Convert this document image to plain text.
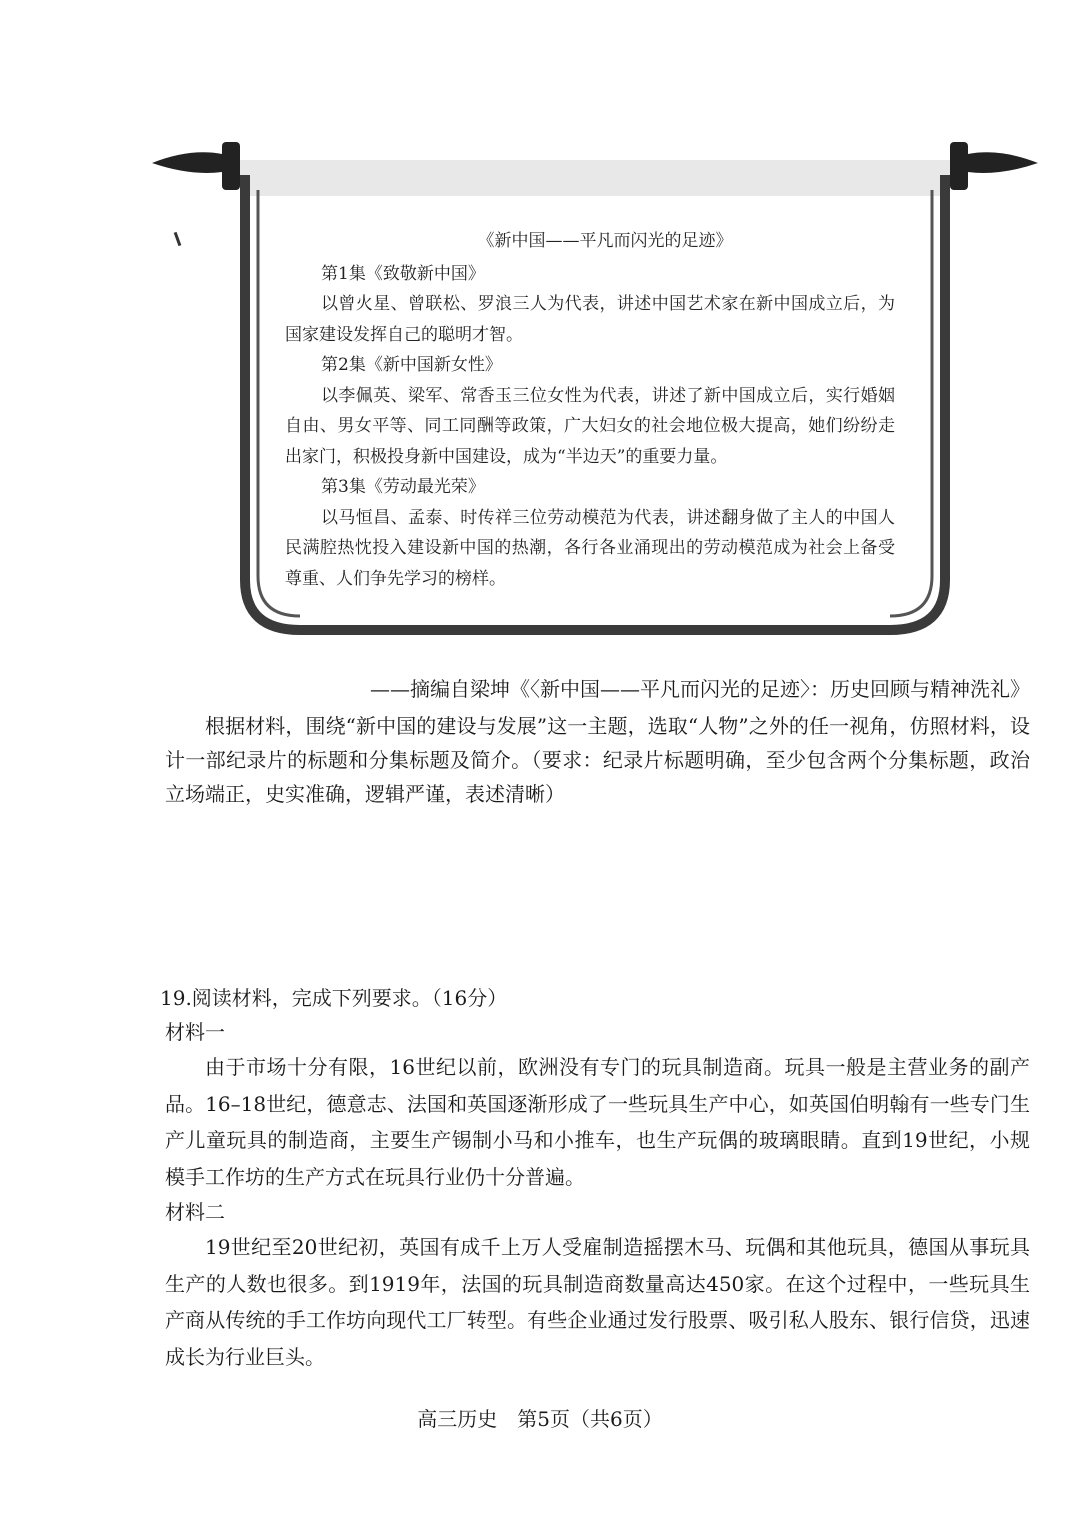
《新中国——平凡而闪光的足迹》
第1集《致敬新中国》
以曾火星、曾联松、罗浪三人为代表，讲述中国艺术家在新中国成立后，为国家建设发挥自己的聪明才智。
第2集《新中国新女性》
以李佩英、梁军、常香玉三位女性为代表，讲述了新中国成立后，实行婚姻自由、男女平等、同工同酬等政策，广大妇女的社会地位极大提高，她们纷纷走出家门，积极投身新中国建设，成为“半边天”的重要力量。
第3集《劳动最光荣》
以马恒昌、孟泰、时传祥三位劳动模范为代表，讲述翻身做了主人的中国人民满腔热忱投入建设新中国的热潮，各行各业涌现出的劳动模范成为社会上备受尊重、人们争先学习的榜样。
——摘编自梁坤《〈新中国——平凡而闪光的足迹〉：历史回顾与精神洗礼》
根据材料，围绕“新中国的建设与发展”这一主题，选取“人物”之外的任一视角，仿照材料，设计一部纪录片的标题和分集标题及简介。（要求：纪录片标题明确，至少包含两个分集标题，政治立场端正，史实准确，逻辑严谨，表述清晰）
19.阅读材料，完成下列要求。（16分）
材料一
由于市场十分有限，16世纪以前，欧洲没有专门的玩具制造商。玩具一般是主营业务的副产品。16–18世纪，德意志、法国和英国逐渐形成了一些玩具生产中心，如英国伯明翰有一些专门生产儿童玩具的制造商，主要生产锡制小马和小推车，也生产玩偶的玻璃眼睛。直到19世纪，小规模手工作坊的生产方式在玩具行业仍十分普遍。
材料二
19世纪至20世纪初，英国有成千上万人受雇制造摇摆木马、玩偶和其他玩具，德国从事玩具生产的人数也很多。到1919年，法国的玩具制造商数量高达450家。在这个过程中，一些玩具生产商从传统的手工作坊向现代工厂转型。有些企业通过发行股票、吸引私人股东、银行信贷，迅速成长为行业巨头。
高三历史　第5页（共6页）
